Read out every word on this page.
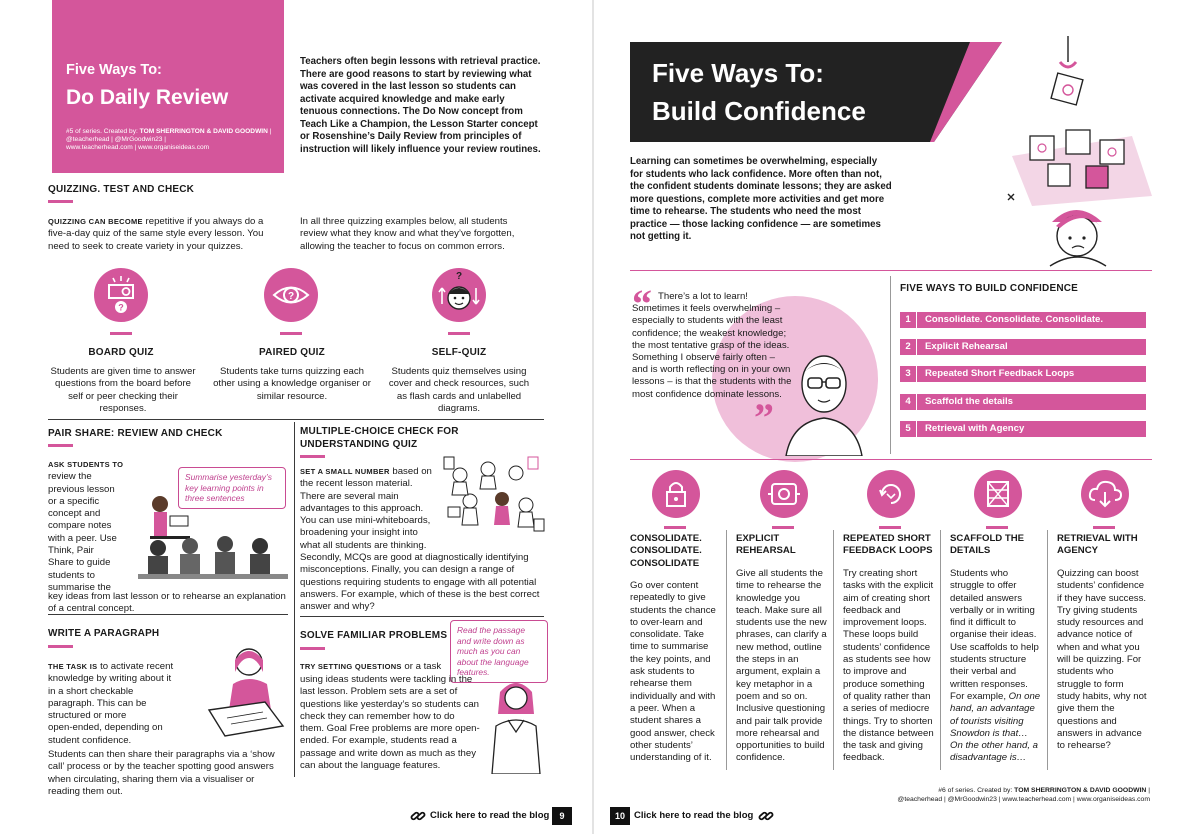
Five Ways To:
Do Daily Review
#5 of series. Created by: TOM SHERRINGTON & DAVID GOODWIN | @teacherhead | @MrGoodwin23 |
www.teacherhead.com | www.organiseideas.com
Teachers often begin lessons with retrieval practice. There are good reasons to start by reviewing what was covered in the last lesson so students can activate acquired knowledge and make early tenuous connections. The Do Now concept from Teach Like a Champion, the Lesson Starter concept or Rosenshine’s Daily Review from principles of instruction will likely influence your review routines.
QUIZZING. TEST AND CHECK
QUIZZING CAN BECOME repetitive if you always do a five-a-day quiz of the same style every lesson. You need to seek to create variety in your quizzes.
In all three quizzing examples below, all students review what they know and what they’ve forgotten, allowing the teacher to focus on common errors.
?
?
?
BOARD QUIZ	PAIRED QUIZ	SELF-QUIZ
Students are given time to answer questions from the board before self or peer checking their responses.
Students take turns quizzing each other using a knowledge organiser or similar resource.
Students quiz themselves using cover and check resources, such as flash cards and unlabelled diagrams.
PAIR SHARE: REVIEW AND CHECK
ASK STUDENTS TO
review the
previous lesson
or a specific
concept and
compare notes
with a peer. Use
Think, Pair
Share to guide
students to
summarise the
key ideas from last lesson or to rehearse an explanation of a central concept.
Summarise yesterday’s key learning points in three sentences
WRITE A PARAGRAPH
THE TASK IS to activate recent
knowledge by writing about it
in a short checkable
paragraph. This can be
structured or more
open-ended, depending on
student confidence.
Students can then share their paragraphs via a ‘show call’ process or by the teacher spotting good answers when circulating, sharing them via a visualiser or reading them out.
MULTIPLE-CHOICE CHECK FOR UNDERSTANDING QUIZ
SET A SMALL NUMBER based on
the recent lesson material.
There are several main
advantages to this approach.
You can use mini-whiteboards,
broadening your insight into
what all students are thinking.
Secondly, MCQs are good at diagnostically identifying misconceptions. Finally, you can design a range of questions requiring students to engage with all potential answers. For example, which of these is the best correct answer and why?
SOLVE FAMILIAR PROBLEMS	Read the passage and write down as much as you can about the language features.
TRY SETTING QUESTIONS or a task
using ideas students were tackling in the last lesson. Problem sets are a set of questions like yesterday’s so students can check they can remember how to do them. Goal Free problems are more open-ended. For example, students read a passage and write down as much as they can about the language features.
Click here to read the blog	9
Five Ways To:
Build Confidence
Learning can sometimes be overwhelming, especially for students who lack confidence. More often than not, the confident students dominate lessons; they are asked more questions, complete more activities and get more time to rehearse. The students who need the most practice — those lacking confidence — are sometimes not getting it.
“ There’s a lot to learn! Sometimes it feels overwhelming – especially to students with the least confidence; the weakest knowledge; the most tentative grasp of the ideas. Something I observe fairly often – and is worth reflecting on in your own lessons – is that the students with the most confidence dominate lessons.
”
FIVE WAYS TO BUILD CONFIDENCE
1 Consolidate. Consolidate. Consolidate.
2 Explicit Rehearsal
3 Repeated Short Feedback Loops
4 Scaffold the details
5 Retrieval with Agency
CONSOLIDATE. CONSOLIDATE. CONSOLIDATE
EXPLICIT REHEARSAL
REPEATED SHORT FEEDBACK LOOPS
SCAFFOLD THE DETAILS
RETRIEVAL WITH AGENCY
Go over content repeatedly to give students the chance to over-learn and consolidate. Take time to summarise the key points, and ask students to rehearse them individually and with a peer. When a student shares a good answer, check other students’ understanding of it.
Give all students the time to rehearse the knowledge you teach. Make sure all students use the new phrases, can clarify a new method, outline the steps in an argument, explain a key metaphor in a poem and so on. Inclusive questioning and pair talk provide more rehearsal and opportunities to build confidence.
Try creating short tasks with the explicit aim of creating short feedback and improvement loops. These loops build students’ confidence as students see how to improve and produce something of quality rather than a series of mediocre things. Try to shorten the distance between the task and giving feedback.
Students who struggle to offer detailed answers verbally or in writing find it difficult to organise their ideas. Use scaffolds to help students structure their verbal and written responses. For example, On one hand, an advantage of tourists visiting Snowdon is that… On the other hand, a disadvantage is…
Quizzing can boost students’ confidence if they have success. Try giving students study resources and advance notice of when and what you will be quizzing. For students who struggle to form study habits, why not give them the questions and answers in advance to rehearse?
#6 of series. Created by: TOM SHERRINGTON & DAVID GOODWIN |
@teacherhead | @MrGoodwin23 | www.teacherhead.com | www.organiseideas.com
10 Click here to read the blog
